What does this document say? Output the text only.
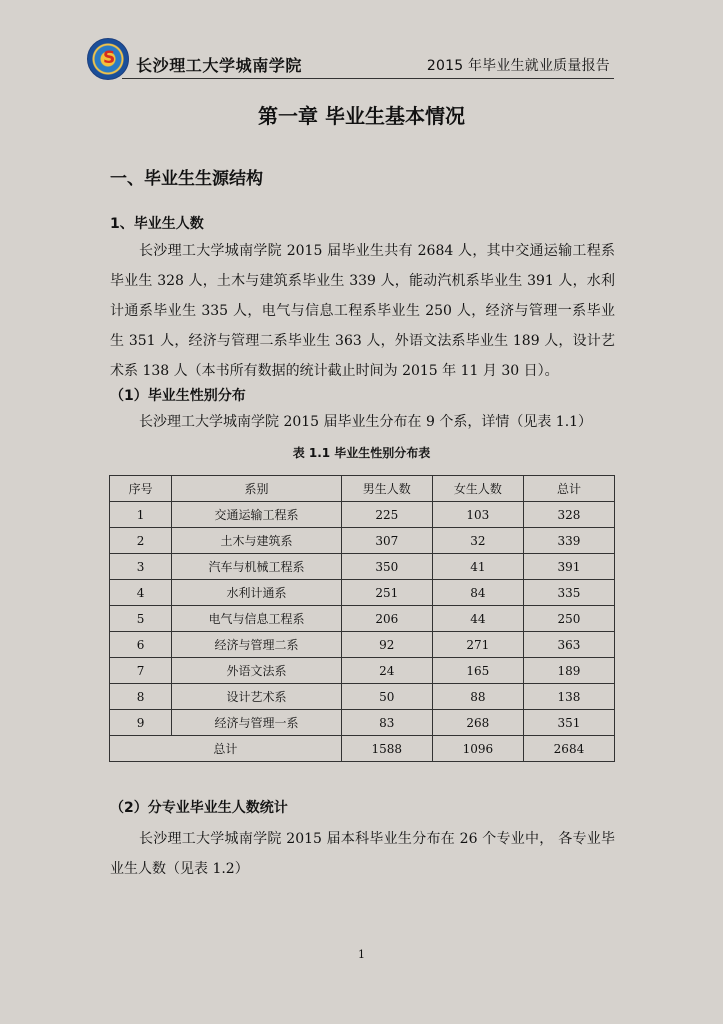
S 长沙理工大学城南学院	2015 年毕业生就业质量报告
第一章 毕业生基本情况
一、毕业生生源结构
1、毕业生人数
长沙理工大学城南学院 2015 届毕业生共有 2684 人，其中交通运输工程系毕业生 328 人，土木与建筑系毕业生 339 人，能动汽机系毕业生 391 人，水利计通系毕业生 335 人，电气与信息工程系毕业生 250 人，经济与管理一系毕业生 351 人，经济与管理二系毕业生 363 人，外语文法系毕业生 189 人，设计艺术系 138 人（本书所有数据的统计截止时间为 2015 年 11 月 30 日）。
（1）毕业生性别分布
长沙理工大学城南学院 2015 届毕业生分布在 9 个系，详情（见表 1.1）
表 1.1 毕业生性别分布表
序号	系别	男生人数	女生人数	总计
1	交通运输工程系	225	103	328
2	土木与建筑系	307	32	339
3	汽车与机械工程系	350	41	391
4	水利计通系	251	84	335
5	电气与信息工程系	206	44	250
6	经济与管理二系	92	271	363
7	外语文法系	24	165	189
8	设计艺术系	50	88	138
9	经济与管理一系	83	268	351
总计		1588	1096	2684
（2）分专业毕业生人数统计
长沙理工大学城南学院 2015 届本科毕业生分布在 26 个专业中， 各专业毕业生人数（见表 1.2）
1
